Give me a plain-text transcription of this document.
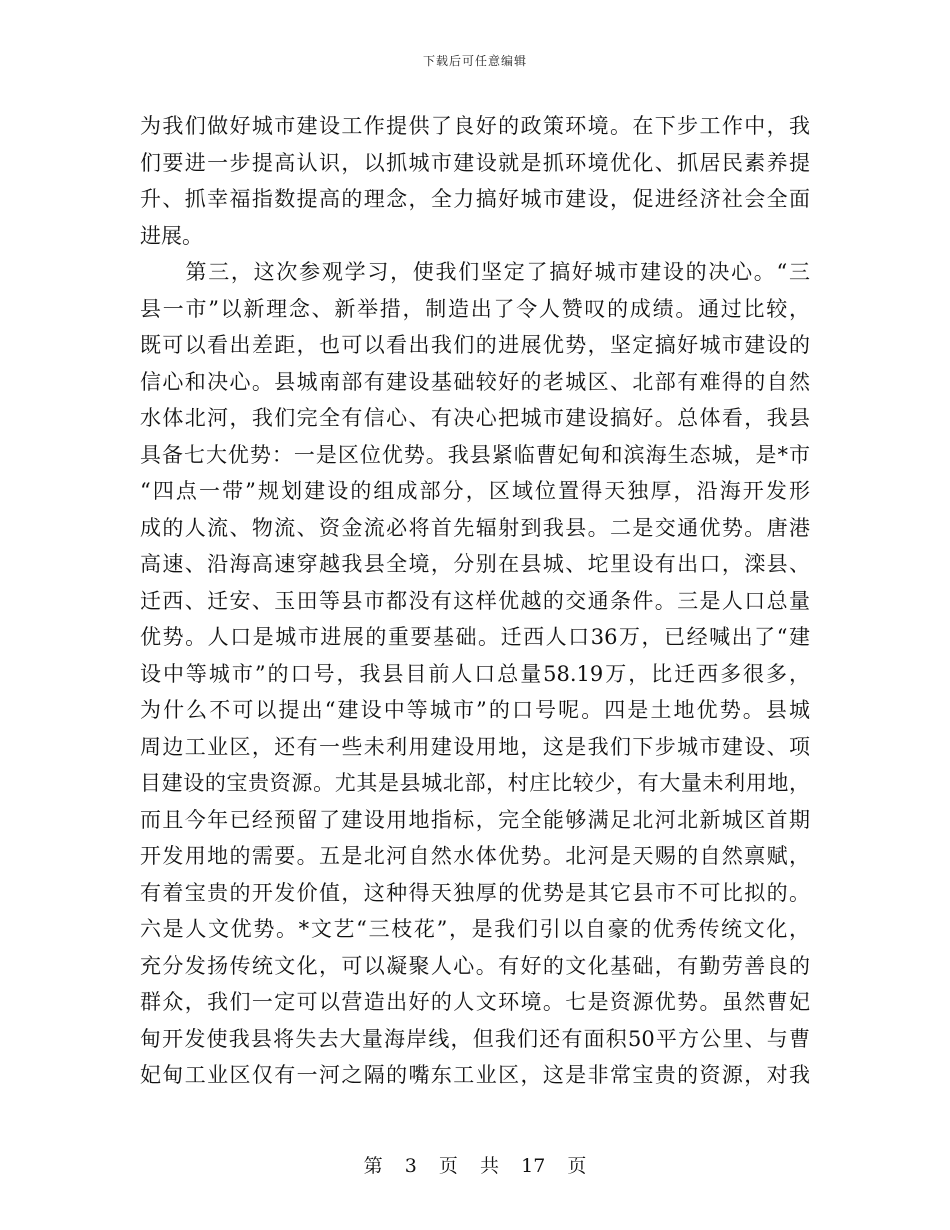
下载后可任意编辑
为我们做好城市建设工作提供了良好的政策环境。在下步工作中，我
们要进一步提高认识，以抓城市建设就是抓环境优化、抓居民素养提
升、抓幸福指数提高的理念，全力搞好城市建设，促进经济社会全面
进展。
　　第三，这次参观学习，使我们坚定了搞好城市建设的决心。“三
县一市”以新理念、新举措，制造出了令人赞叹的成绩。通过比较，
既可以看出差距，也可以看出我们的进展优势，坚定搞好城市建设的
信心和决心。县城南部有建设基础较好的老城区、北部有难得的自然
水体北河，我们完全有信心、有决心把城市建设搞好。总体看，我县
具备七大优势：一是区位优势。我县紧临曹妃甸和滨海生态城，是*市
“四点一带”规划建设的组成部分，区域位置得天独厚，沿海开发形
成的人流、物流、资金流必将首先辐射到我县。二是交通优势。唐港
高速、沿海高速穿越我县全境，分别在县城、坨里设有出口，滦县、
迁西、迁安、玉田等县市都没有这样优越的交通条件。三是人口总量
优势。人口是城市进展的重要基础。迁西人口36万，已经喊出了“建
设中等城市”的口号，我县目前人口总量58.19万，比迁西多很多，
为什么不可以提出“建设中等城市”的口号呢。四是土地优势。县城
周边工业区，还有一些未利用建设用地，这是我们下步城市建设、项
目建设的宝贵资源。尤其是县城北部，村庄比较少，有大量未利用地，
而且今年已经预留了建设用地指标，完全能够满足北河北新城区首期
开发用地的需要。五是北河自然水体优势。北河是天赐的自然禀赋，
有着宝贵的开发价值，这种得天独厚的优势是其它县市不可比拟的。
六是人文优势。*文艺“三枝花”，是我们引以自豪的优秀传统文化，
充分发扬传统文化，可以凝聚人心。有好的文化基础，有勤劳善良的
群众，我们一定可以营造出好的人文环境。七是资源优势。虽然曹妃
甸开发使我县将失去大量海岸线，但我们还有面积50平方公里、与曹
妃甸工业区仅有一河之隔的嘴东工业区，这是非常宝贵的资源，对我
第 3 页 共 17 页
